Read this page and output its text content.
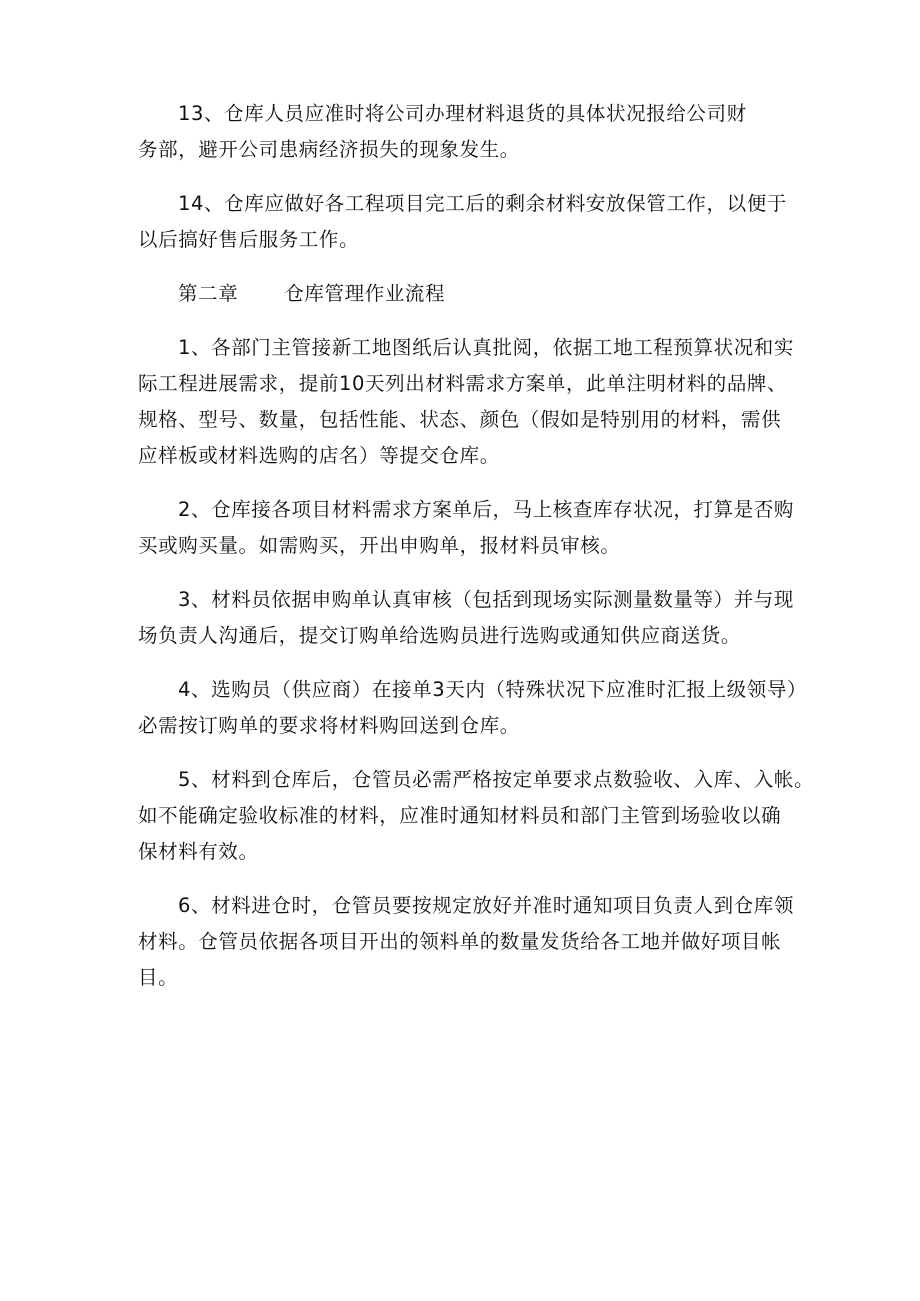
13、仓库人员应准时将公司办理材料退货的具体状况报给公司财
务部，避开公司患病经济损失的现象发生。

14、仓库应做好各工程项目完工后的剩余材料安放保管工作，以便于
以后搞好售后服务工作。

第二章 仓库管理作业流程

1、各部门主管接新工地图纸后认真批阅，依据工地工程预算状况和实
际工程进展需求，提前10天列出材料需求方案单，此单注明材料的品牌、
规格、型号、数量，包括性能、状态、颜色（假如是特别用的材料，需供
应样板或材料选购的店名）等提交仓库。

2、仓库接各项目材料需求方案单后，马上核查库存状况，打算是否购
买或购买量。如需购买，开出申购单，报材料员审核。

3、材料员依据申购单认真审核（包括到现场实际测量数量等）并与现
场负责人沟通后，提交订购单给选购员进行选购或通知供应商送货。

4、选购员（供应商）在接单3天内（特殊状况下应准时汇报上级领导）
必需按订购单的要求将材料购回送到仓库。

5、材料到仓库后，仓管员必需严格按定单要求点数验收、入库、入帐。
如不能确定验收标准的材料，应准时通知材料员和部门主管到场验收以确
保材料有效。

6、材料进仓时，仓管员要按规定放好并准时通知项目负责人到仓库领
材料。仓管员依据各项目开出的领料单的数量发货给各工地并做好项目帐
目。
